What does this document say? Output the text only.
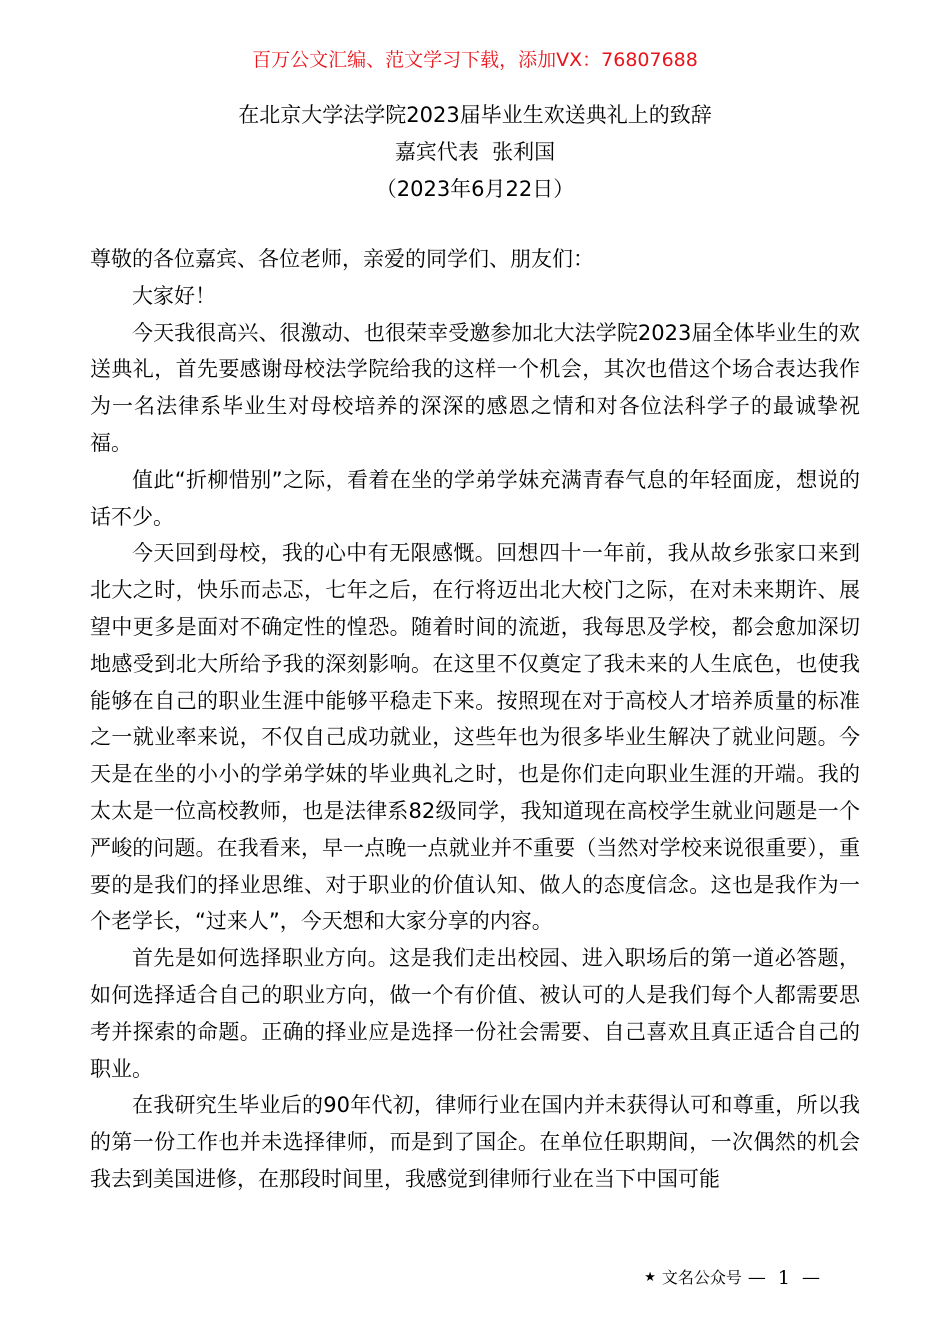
百万公文汇编、范文学习下载，添加VX：76807688
在北京大学法学院2023届毕业生欢送典礼上的致辞
嘉宾代表  张利国
（2023年6月22日）

尊敬的各位嘉宾、各位老师，亲爱的同学们、朋友们：

大家好！

今天我很高兴、很激动、也很荣幸受邀参加北大法学院2023届全体毕业生的欢送典礼，首先要感谢母校法学院给我的这样一个机会，其次也借这个场合表达我作为一名法律系毕业生对母校培养的深深的感恩之情和对各位法科学子的最诚挚祝福。

值此“折柳惜别”之际，看着在坐的学弟学妹充满青春气息的年轻面庞，想说的话不少。

今天回到母校，我的心中有无限感慨。回想四十一年前，我从故乡张家口来到北大之时，快乐而忐忑，七年之后，在行将迈出北大校门之际，在对未来期许、展望中更多是面对不确定性的惶恐。随着时间的流逝，我每思及学校，都会愈加深切地感受到北大所给予我的深刻影响。在这里不仅奠定了我未来的人生底色，也使我能够在自己的职业生涯中能够平稳走下来。按照现在对于高校人才培养质量的标准之一就业率来说，不仅自己成功就业，这些年也为很多毕业生解决了就业问题。今天是在坐的小小的学弟学妹的毕业典礼之时，也是你们走向职业生涯的开端。我的太太是一位高校教师，也是法律系82级同学，我知道现在高校学生就业问题是一个严峻的问题。在我看来，早一点晚一点就业并不重要（当然对学校来说很重要），重要的是我们的择业思维、对于职业的价值认知、做人的态度信念。这也是我作为一个老学长，“过来人”，今天想和大家分享的内容。

首先是如何选择职业方向。这是我们走出校园、进入职场后的第一道必答题，如何选择适合自己的职业方向，做一个有价值、被认可的人是我们每个人都需要思考并探索的命题。正确的择业应是选择一份社会需要、自己喜欢且真正适合自己的职业。

在我研究生毕业后的90年代初，律师行业在国内并未获得认可和尊重，所以我的第一份工作也并未选择律师，而是到了国企。在单位任职期间，一次偶然的机会我去到美国进修，在那段时间里，我感觉到律师行业在当下中国可能

★ 文名公众号 — 1 —
